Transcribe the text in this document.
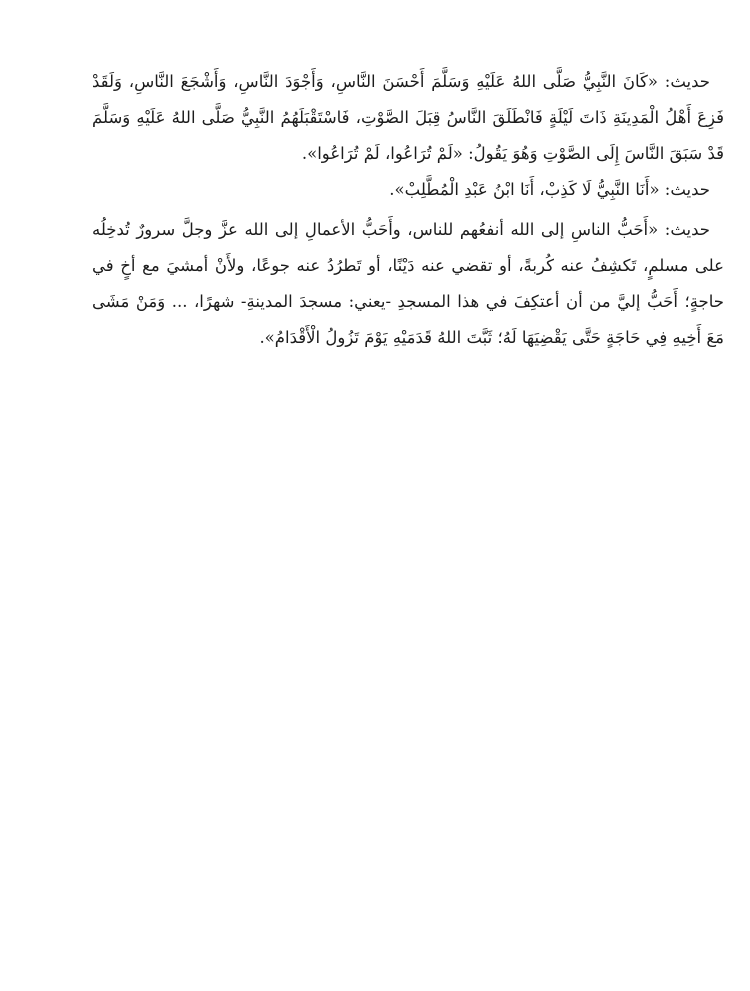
حديث: «كَانَ النَّبِيُّ صَلَّى اللهُ عَلَيْهِ وَسَلَّمَ أَحْسَنَ النَّاسِ، وَأَجْوَدَ النَّاسِ، وَأَشْجَعَ النَّاسِ، وَلَقَدْ فَزِعَ أَهْلُ الْمَدِينَةِ ذَاتَ لَيْلَةٍ فَانْطَلَقَ النَّاسُ قِبَلَ الصَّوْتِ، فَاسْتَقْبَلَهُمُ النَّبِيُّ صَلَّى اللهُ عَلَيْهِ وَسَلَّمَ قَدْ سَبَقَ النَّاسَ إِلَى الصَّوْتِ وَهُوَ يَقُولُ: «لَمْ تُرَاعُوا، لَمْ تُرَاعُوا».

حديث: «أَنَا النَّبِيُّ لَا كَذِبْ، أَنَا ابْنُ عَبْدِ الْمُطَّلِبْ».

حديث: «أَحَبُّ الناسِ إلى الله أنفعُهم للناس، وأَحَبُّ الأعمالِ إلى الله عزَّ وجلَّ سرورٌ تُدخِلُه على مسلمٍ، تَكشِفُ عنه كُربةً، أو تقضي عنه دَيْنًا، أو تَطرُدُ عنه جوعًا، ولأَنْ أمشيَ مع أخٍ في حاجةٍ؛ أَحَبُّ إليَّ من أن أعتكِفَ في هذا المسجدِ -يعني: مسجدَ المدينةِ- شهرًا، ... وَمَنْ مَشَى مَعَ أَخِيهِ فِي حَاجَةٍ حَتَّى يَقْضِيَهَا لَهُ؛ ثَبَّتَ اللهُ قَدَمَيْهِ يَوْمَ تَزُولُ الْأَقْدَامُ».
